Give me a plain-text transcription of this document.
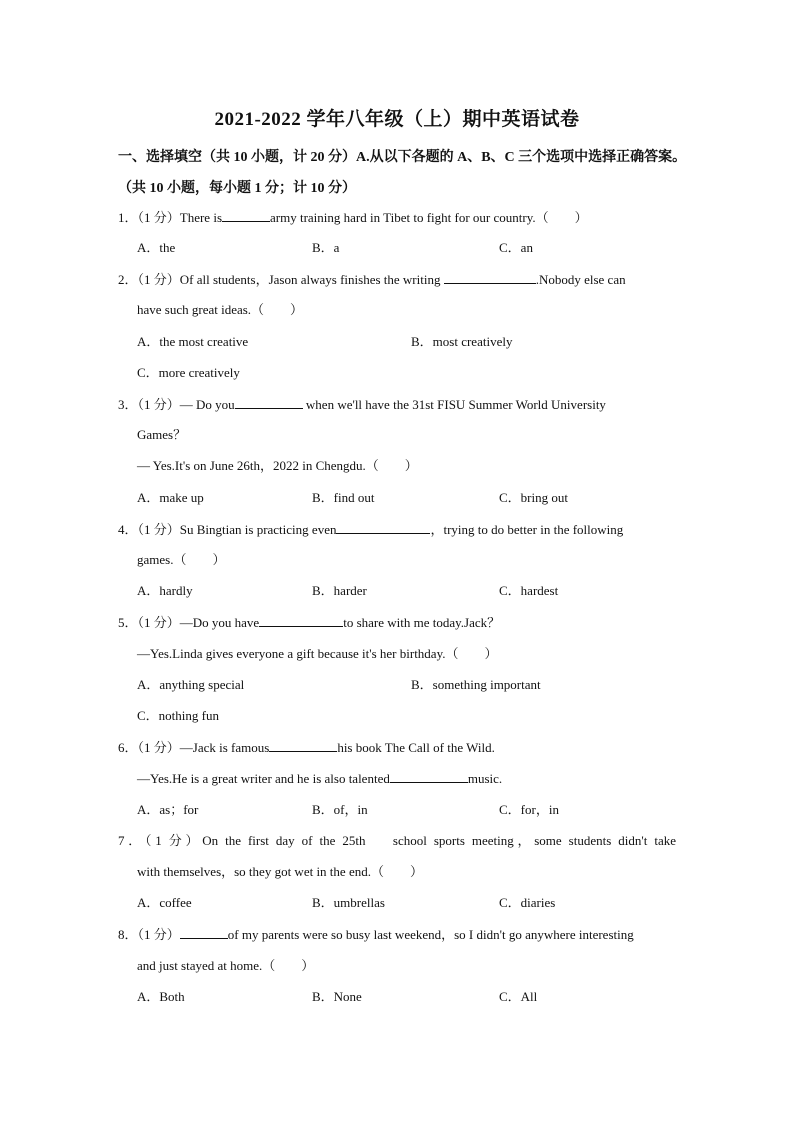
2021-2022 学年八年级（上）期中英语试卷
一、选择填空（共 10 小题，计 20 分）A.从以下各题的 A、B、C 三个选项中选择正确答案。
（共 10 小题，每小题 1 分；计 10 分）
1．（1 分）There is	army training hard in Tibet to fight for our country.（　　）
A．the	B．a	C．an
2．（1 分）Of all students，Jason always finishes the writing	.Nobody else can
have such great ideas.（　　）
A．the most creative	B．most creatively
C．more creatively
3．（1 分）— Do you	when we'll have the 31st FISU Summer World University
Games？
— Yes.It's on June 26th，2022 in Chengdu.（　　）
A．make up	B．find out	C．bring out
4．（1 分）Su Bingtian is practicing even	，trying to do better in the following
games.（　　）
A．hardly	B．harder	C．hardest
5．（1 分）—Do you have	to share with me today.Jack？
—Yes.Linda gives everyone a gift because it's her birthday.（　　）
A．anything special	B．something important
C．nothing fun
6．（1 分）—Jack is famous	his book The Call of the Wild.
—Yes.He is a great writer and he is also talented	music.
A．as；for	B．of，in	C．for，in
7．（1 分）On the first day of the 25th　 school sports meeting，some students didn't take
with themselves，so they got wet in the end.（　　）
A．coffee	B．umbrellas	C．diaries
8．（1 分）	of my parents were so busy last weekend，so I didn't go anywhere interesting
and just stayed at home.（　　）
A．Both	B．None	C．All
